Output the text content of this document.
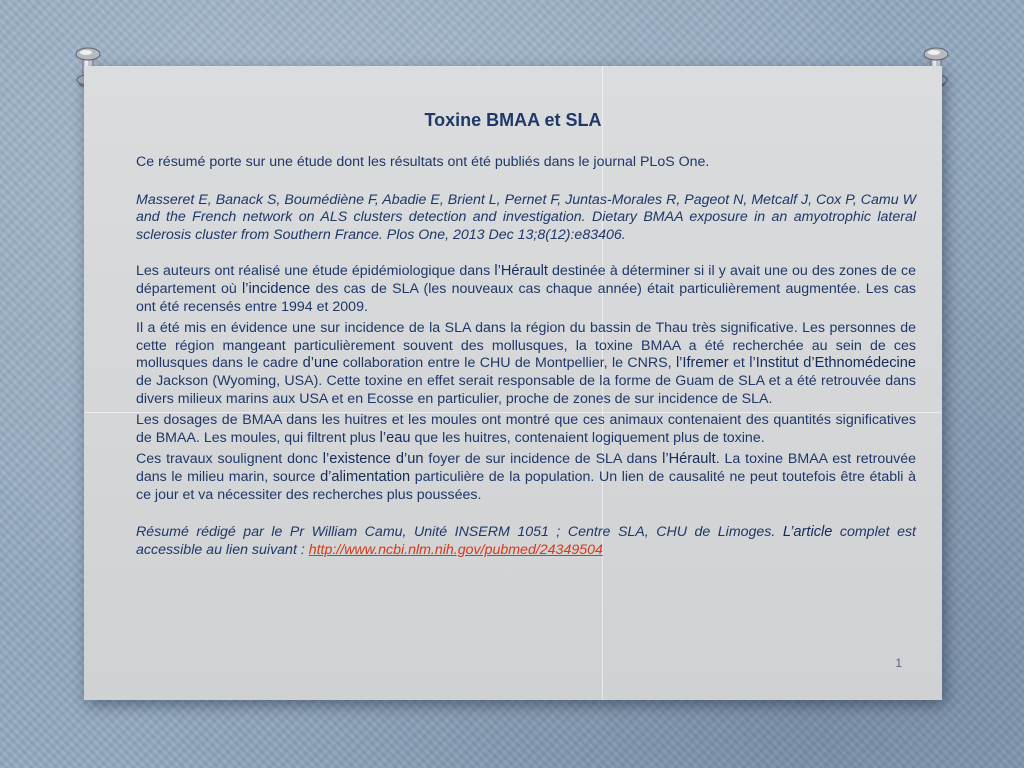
Toxine BMAA et SLA

Ce résumé porte sur une étude dont les résultats ont été publiés dans le journal PLoS One.

Masseret E, Banack S, Boumédiène F, Abadie E, Brient L, Pernet F, Juntas-Morales R, Pageot N, Metcalf J, Cox P, Camu W and the French network on ALS clusters detection and investigation. Dietary BMAA exposure in an amyotrophic lateral sclerosis cluster from Southern France. Plos One, 2013 Dec 13;8(12):e83406.

Les auteurs ont réalisé une étude épidémiologique dans l’Hérault destinée à déterminer si il y avait une ou des zones de ce département où l’incidence des cas de SLA (les nouveaux cas chaque année) était particulièrement augmentée. Les cas ont été recensés entre 1994 et 2009.

Il a été mis en évidence une sur incidence de la SLA dans la région du bassin de Thau très significative. Les personnes de cette région mangeant particulièrement souvent des mollusques, la toxine BMAA a été recherchée au sein de ces mollusques dans le cadre d’une collaboration entre le CHU de Montpellier, le CNRS, l’Ifremer et l’Institut d’Ethnomédecine de Jackson (Wyoming, USA). Cette toxine en effet serait responsable de la forme de Guam de SLA et a été retrouvée dans divers milieux marins aux USA et en Ecosse en particulier, proche de zones de sur incidence de SLA.

Les dosages de BMAA dans les huitres et les moules ont montré que ces animaux contenaient des quantités significatives de BMAA. Les moules, qui filtrent plus l’eau que les huitres, contenaient logiquement plus de toxine.

Ces travaux soulignent donc l’existence d’un foyer de sur incidence de SLA dans l’Hérault. La toxine BMAA est retrouvée dans le milieu marin, source d’alimentation particulière de la population. Un lien de causalité ne peut toutefois être établi à ce jour et va nécessiter des recherches plus poussées.

Résumé rédigé par le Pr William Camu, Unité INSERM 1051 ; Centre SLA, CHU de Limoges. L’article complet est accessible au lien suivant : http://www.ncbi.nlm.nih.gov/pubmed/24349504

1
